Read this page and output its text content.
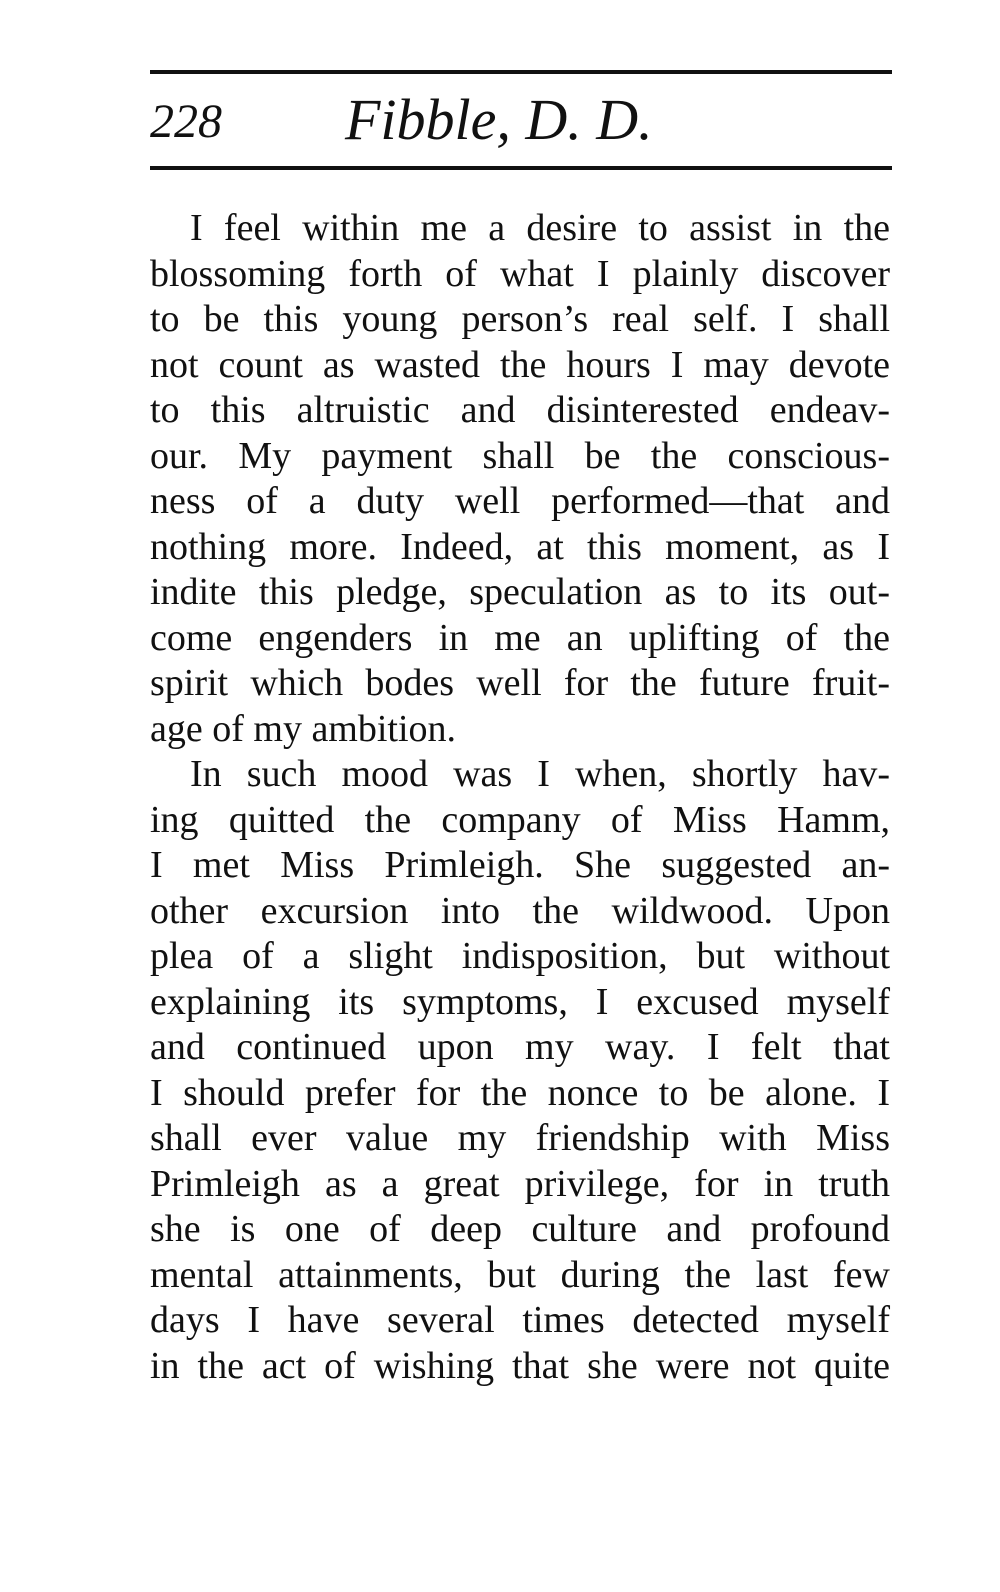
228 Fibble, D. D.
I feel within me a desire to assist in the
blossoming forth of what I plainly discover
to be this young person’s real self. I shall
not count as wasted the hours I may devote
to this altruistic and disinterested endeav-
our. My payment shall be the conscious-
ness of a duty well performed—that and
nothing more. Indeed, at this moment, as I
indite this pledge, speculation as to its out-
come engenders in me an uplifting of the
spirit which bodes well for the future fruit-
age of my ambition.
In such mood was I when, shortly hav-
ing quitted the company of Miss Hamm,
I met Miss Primleigh. She suggested an-
other excursion into the wildwood. Upon
plea of a slight indisposition, but without
explaining its symptoms, I excused myself
and continued upon my way. I felt that
I should prefer for the nonce to be alone. I
shall ever value my friendship with Miss
Primleigh as a great privilege, for in truth
she is one of deep culture and profound
mental attainments, but during the last few
days I have several times detected myself
in the act of wishing that she were not quite
